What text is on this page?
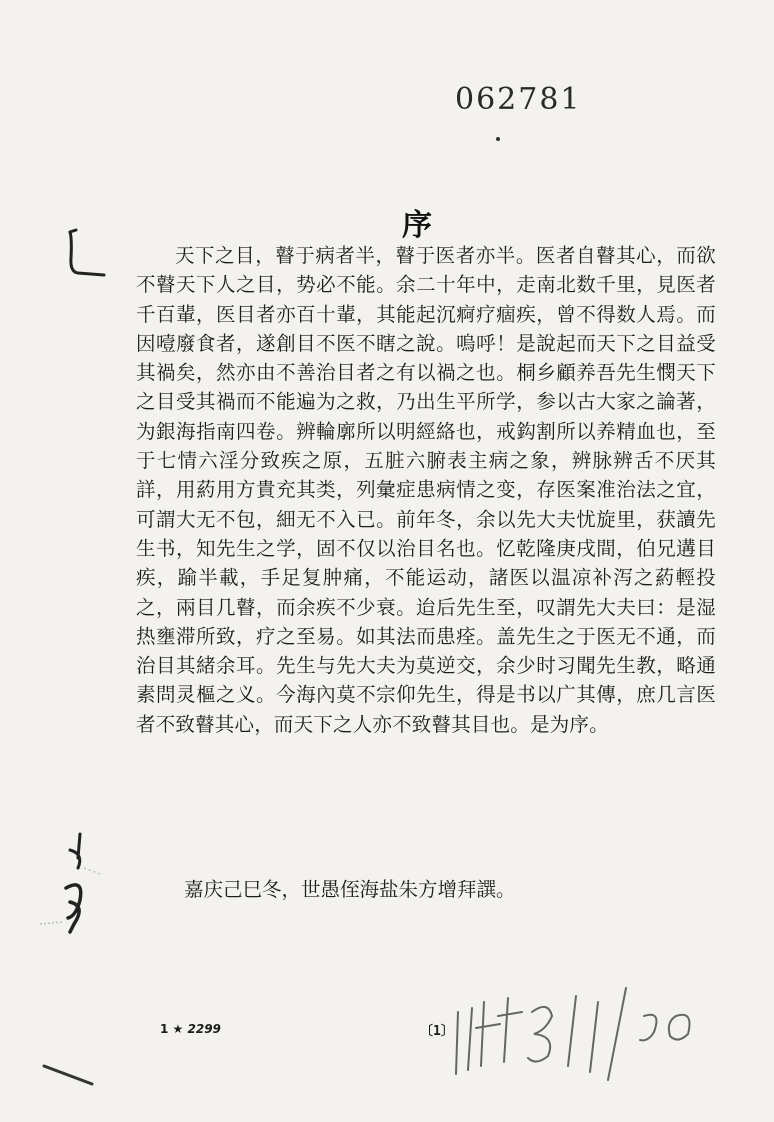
062781
序

天下之目，瞽于病者半，瞽于医者亦半。医者自瞽其心，而欲不瞽天下人之目，势必不能。余二十年中，走南北数千里，見医者千百輩，医目者亦百十輩，其能起沉痾疗痼疾，曾不得数人焉。而因噎廢食者，遂創目不医不瞎之說。嗚呼！是說起而天下之目益受其禍矣，然亦由不善治目者之有以禍之也。桐乡顧养吾先生憫天下之目受其禍而不能遍为之救，乃出生平所学，参以古大家之論著，为銀海指南四卷。辨輪廓所以明經絡也，戒鈎割所以养精血也，至于七情六淫分致疾之原，五脏六腑表主病之象，辨脉辨舌不厌其詳，用葯用方貴充其类，列彙症患病情之变，存医案准治法之宜，可謂大无不包，細无不入已。前年冬，余以先大夫忧旋里，获讀先生书，知先生之学，固不仅以治目名也。忆乾隆庚戌間，伯兄遘目疾，踰半載，手足复肿痛，不能运动，諸医以温凉补泻之葯輕投之，兩目几瞽，而余疾不少衰。迨后先生至，叹謂先大夫曰：是湿热壅滞所致，疗之至易。如其法而患痊。盖先生之于医无不通，而治目其緒余耳。先生与先大夫为莫逆交，余少时习聞先生教，略通素問灵樞之义。今海內莫不宗仰先生，得是书以广其傳，庶几言医者不致瞽其心，而天下之人亦不致瞽其目也。是为序。

嘉庆己巳冬，世愚侄海盐朱方增拜譔。
1 ★ 2299	〔1〕
